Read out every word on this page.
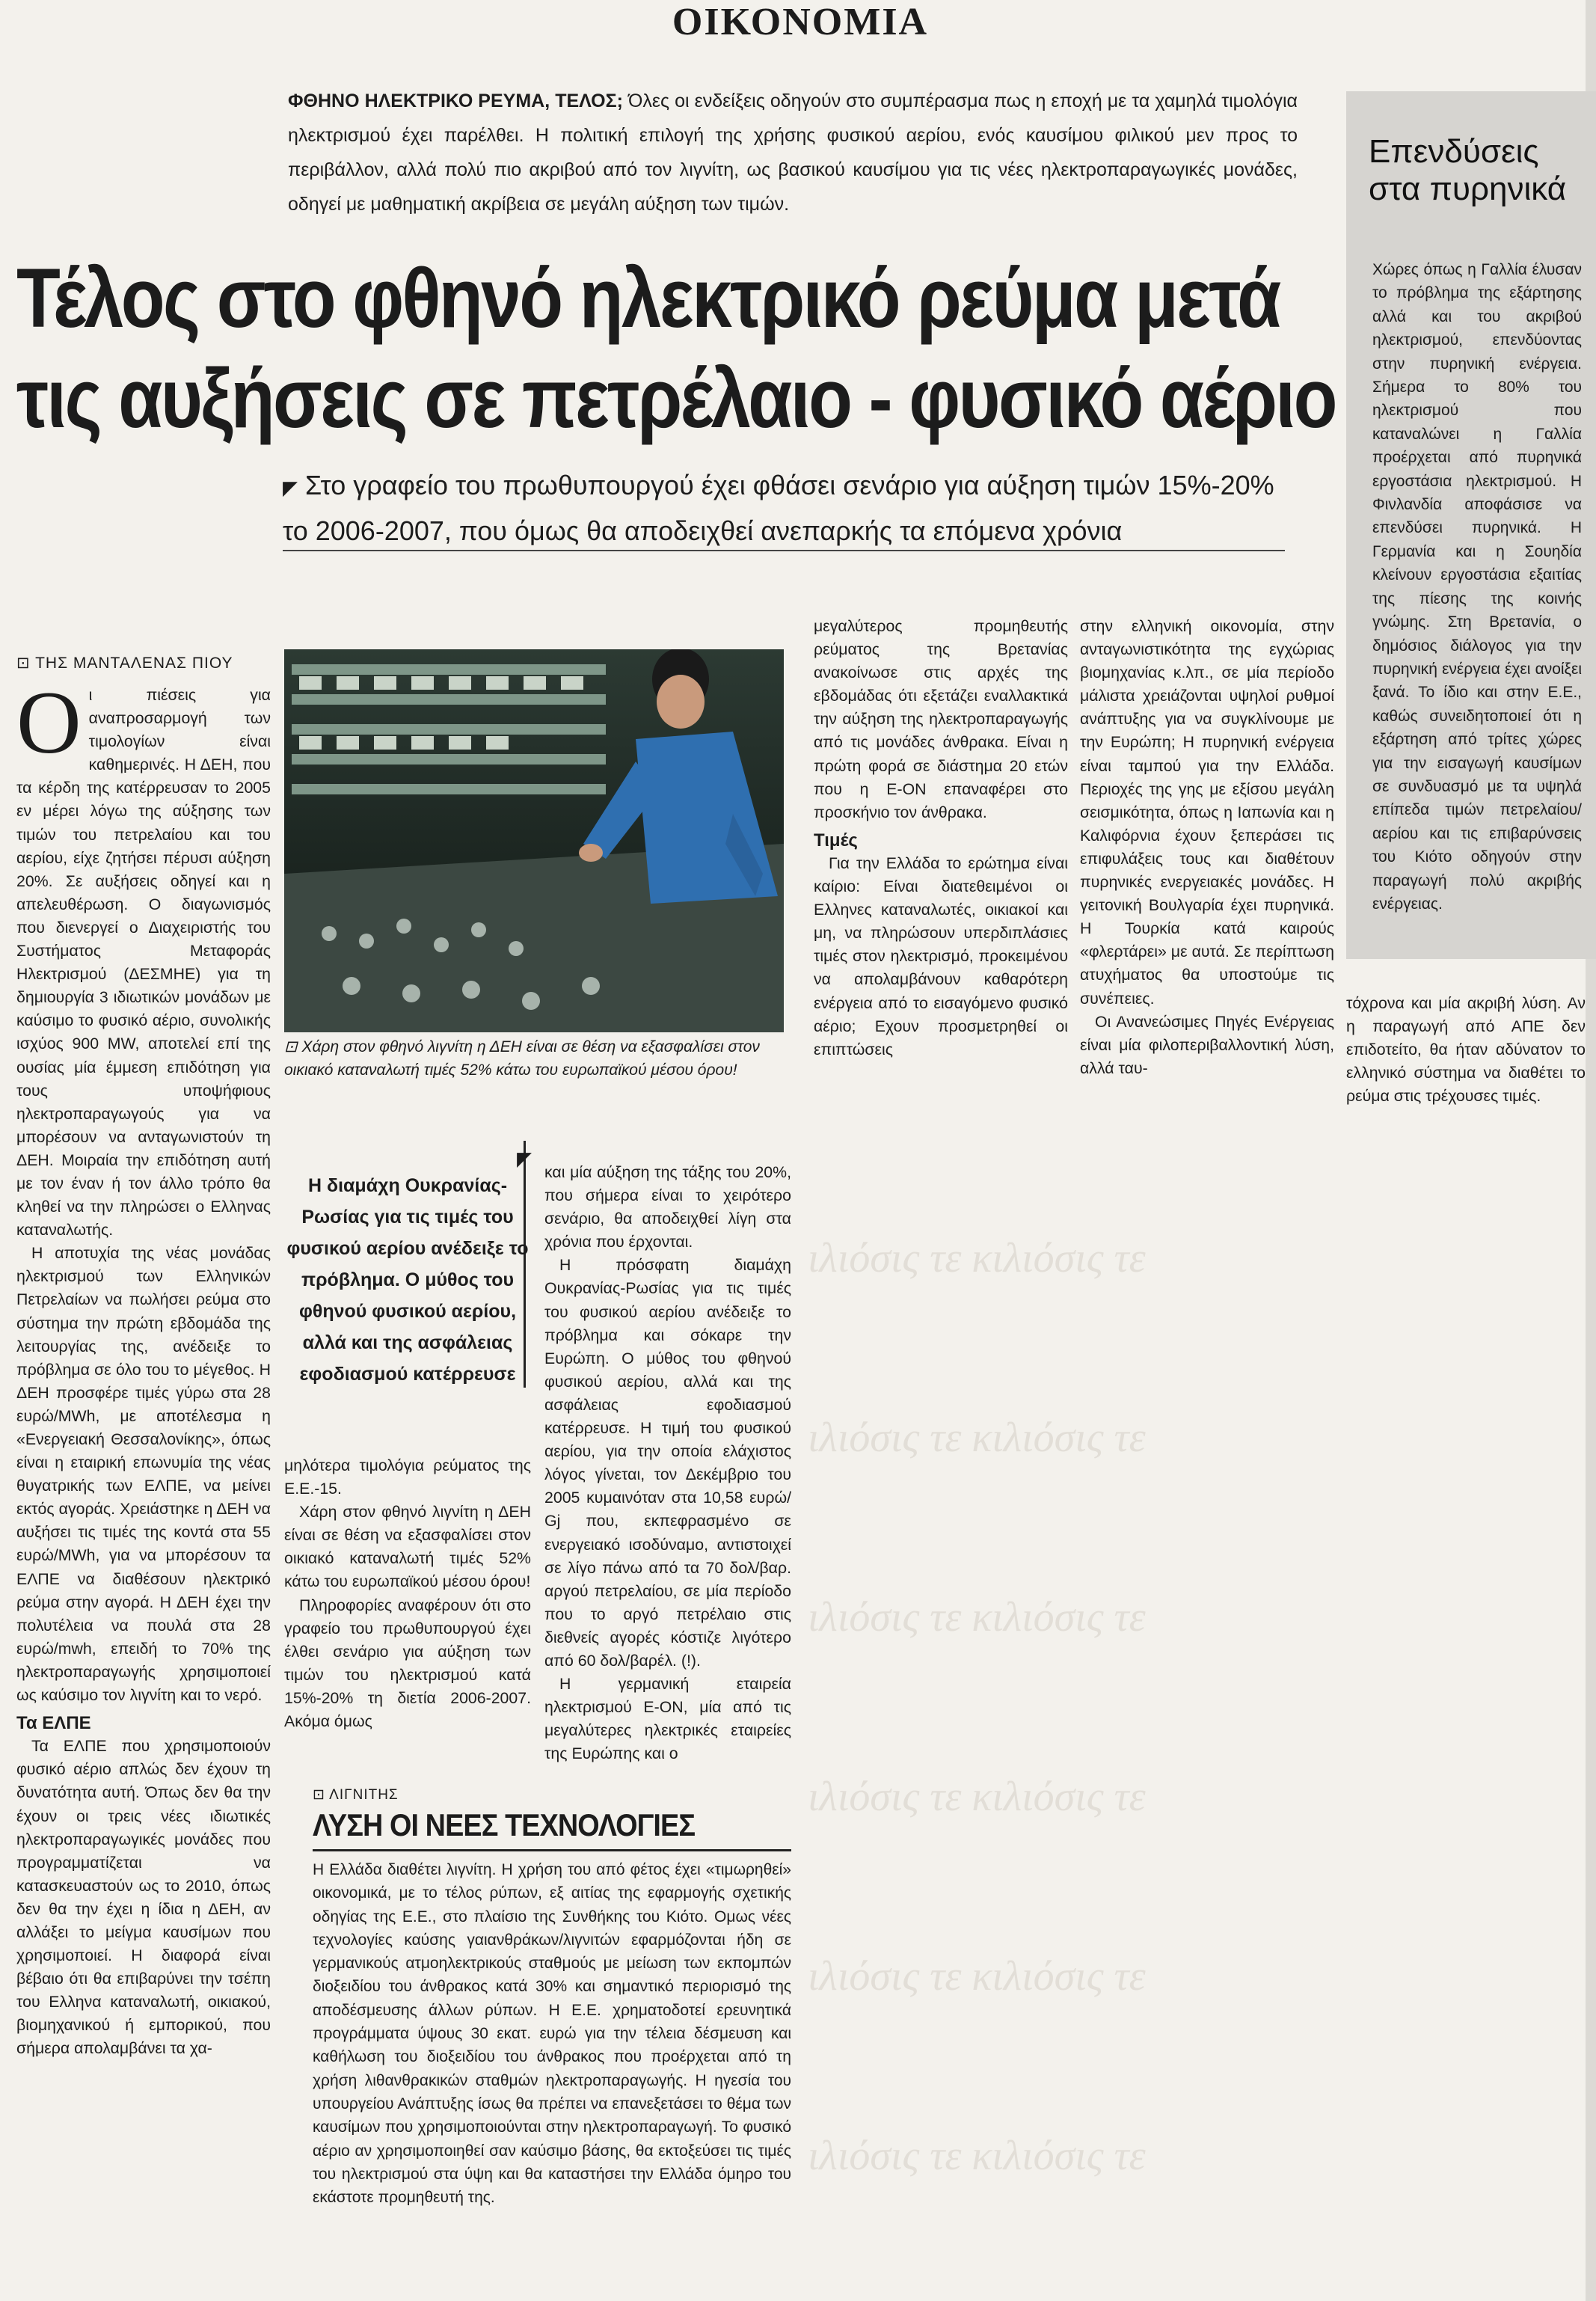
ιλιόσις τε κιλιόσις τε
ιλιόσις τε κιλιόσις τε
ιλιόσις τε κιλιόσις τε
ιλιόσις τε κιλιόσις τε
ιλιόσις τε κιλιόσις τε
ιλιόσις τε κιλιόσις τε
ΟΙΚΟΝΟΜΙΑ
ΦΘΗΝΟ ΗΛΕΚΤΡΙΚΟ ΡΕΥΜΑ, ΤΕΛΟΣ; Όλες οι ενδείξεις οδηγούν στο συμπέρασμα πως η εποχή με τα χαμηλά τιμολόγια ηλεκτρισμού έχει παρέλθει. Η πολιτική επιλογή της χρήσης φυσικού αερίου, ενός καυσίμου φιλικού μεν προς το περιβάλλον, αλλά πολύ πιο ακριβού από τον λιγνίτη, ως βασικού καυσίμου για τις νέες ηλεκτροπαραγωγικές μονάδες, οδηγεί με μαθηματική ακρίβεια σε μεγάλη αύξηση των τιμών.
Επενδύσεις στα πυρηνικά
Χώρες όπως η Γαλλία έλυσαν το πρόβλημα της εξάρτησης αλλά και του ακριβού ηλεκτρισμού, επενδύοντας στην πυρηνική ενέργεια. Σήμερα το 80% του ηλεκτρισμού που καταναλώνει η Γαλλία προέρχεται από πυρηνικά εργοστάσια ηλεκτρισμού. Η Φινλανδία αποφάσισε να επενδύσει πυρηνικά. Η Γερμανία και η Σουηδία κλείνουν εργοστάσια εξαιτίας της πίεσης της κοινής γνώμης. Στη Βρετανία, ο δημόσιος διάλογος για την πυρηνική ενέργεια έχει ανοίξει ξανά. Το ίδιο και στην Ε.Ε., καθώς συνειδητοποιεί ότι η εξάρτηση από τρίτες χώρες για την εισαγωγή καυσίμων σε συνδυασμό με τα υψηλά επίπεδα τιμών πετρελαίου/αερίου και τις επιβαρύνσεις του Κιότο οδηγούν στην παραγωγή πολύ ακριβής ενέργειας.
Τέλος στο φθηνό ηλεκτρικό ρεύμα μετά
τις αυξήσεις σε πετρέλαιο - φυσικό αέριο
◤ Στο γραφείο του πρωθυπουργού έχει φθάσει σενάριο για αύξηση τιμών 15%-20% το 2006-2007, που όμως θα αποδειχθεί ανεπαρκής τα επόμενα χρόνια
⊡ ΤΗΣ ΜΑΝΤΑΛΕΝΑΣ ΠΙΟΥ
Ο ι πιέσεις για αναπροσαρμογή των τιμολογίων είναι καθημερινές. Η ΔΕΗ, που τα κέρδη της κατέρρευσαν το 2005 εν μέρει λόγω της αύξησης των τιμών του πετρελαίου και του αερίου, είχε ζητήσει πέρυσι αύξηση 20%. Σε αυξήσεις οδηγεί και η απελευθέρωση. Ο διαγωνισμός που διενεργεί ο Διαχειριστής του Συστήματος Μεταφοράς Ηλεκτρισμού (ΔΕΣΜΗΕ) για τη δημιουργία 3 ιδιωτικών μονάδων με καύσιμο το φυσικό αέριο, συνολικής ισχύος 900 MW, αποτελεί επί της ουσίας μία έμμεση επιδότηση για τους υποψήφιους ηλεκτροπαραγωγούς για να μπορέσουν να ανταγωνιστούν τη ΔΕΗ. Μοιραία την επιδότηση αυτή με τον έναν ή τον άλλο τρόπο θα κληθεί να την πληρώσει ο Ελληνας καταναλωτής.
Η αποτυχία της νέας μονάδας ηλεκτρισμού των Ελληνικών Πετρελαίων να πωλήσει ρεύμα στο σύστημα την πρώτη εβδομάδα της λειτουργίας της, ανέδειξε το πρόβλημα σε όλο του το μέγεθος. Η ΔΕΗ προσφέρε τιμές γύρω στα 28 ευρώ/MWh, με αποτέλεσμα η «Ενεργειακή Θεσσαλονίκης», όπως είναι η εταιρική επωνυμία της νέας θυγατρικής των ΕΛΠΕ, να μείνει εκτός αγοράς. Χρειάστηκε η ΔΕΗ να αυξήσει τις τιμές της κοντά στα 55 ευρώ/MWh, για να μπορέσουν τα ΕΛΠΕ να διαθέσουν ηλεκτρικό ρεύμα στην αγορά. Η ΔΕΗ έχει την πολυτέλεια να πουλά στα 28 ευρώ/mwh, επειδή το 70% της ηλεκτροπαραγωγής χρησιμοποιεί ως καύσιμο τον λιγνίτη και το νερό.
Τα ΕΛΠΕ
Τα ΕΛΠΕ που χρησιμοποιούν φυσικό αέριο απλώς δεν έχουν τη δυνατότητα αυτή. Όπως δεν θα την έχουν οι τρεις νέες ιδιωτικές ηλεκτροπαραγωγικές μονάδες που προγραμματίζεται να κατασκευαστούν ως το 2010, όπως δεν θα την έχει η ίδια η ΔΕΗ, αν αλλάξει το μείγμα καυσίμων που χρησιμοποιεί. Η διαφορά είναι βέβαιο ότι θα επιβαρύνει την τσέπη του Ελληνα καταναλωτή, οικιακού, βιομηχανικού ή εμπορικού, που σήμερα απολαμβάνει τα χα-
⊡ Χάρη στον φθηνό λιγνίτη η ΔΕΗ είναι σε θέση να εξασφαλίσει στον οικιακό καταναλωτή τιμές 52% κάτω του ευρωπαϊκού μέσου όρου!
◤
Η διαμάχη Ουκρανίας-Ρωσίας για τις τιμές του φυσικού αερίου ανέδειξε το πρόβλημα. Ο μύθος του φθηνού φυσικού αερίου, αλλά και της ασφάλειας εφοδιασμού κατέρρευσε
μηλότερα τιμολόγια ρεύματος της Ε.Ε.-15.
Χάρη στον φθηνό λιγνίτη η ΔΕΗ είναι σε θέση να εξασφαλίσει στον οικιακό καταναλωτή τιμές 52% κάτω του ευρωπαϊκού μέσου όρου!
Πληροφορίες αναφέρουν ότι στο γραφείο του πρωθυπουργού έχει έλθει σενάριο για αύξηση των τιμών του ηλεκτρισμού κατά 15%-20% τη διετία 2006-2007. Ακόμα όμως
και μία αύξηση της τάξης του 20%, που σήμερα είναι το χειρότερο σενάριο, θα αποδειχθεί λίγη στα χρόνια που έρχονται.
Η πρόσφατη διαμάχη Ουκρανίας-Ρωσίας για τις τιμές του φυσικού αερίου ανέδειξε το πρόβλημα και σόκαρε την Ευρώπη. Ο μύθος του φθηνού φυσικού αερίου, αλλά και της ασφάλειας εφοδιασμού κατέρρευσε. Η τιμή του φυσικού αερίου, για την οποία ελάχιστος λόγος γίνεται, τον Δεκέμβριο του 2005 κυμαινόταν στα 10,58 ευρώ/ Gj που, εκπεφρασμένο σε ενεργειακό ισοδύναμο, αντιστοιχεί σε λίγο πάνω από τα 70 δολ/βαρ. αργού πετρελαίου, σε μία περίοδο που το αργό πετρέλαιο στις διεθνείς αγορές κόστιζε λιγότερο από 60 δολ/βαρέλ. (!).
Η γερμανική εταιρεία ηλεκτρισμού E-ON, μία από τις μεγαλύτερες ηλεκτρικές εταιρείες της Ευρώπης και ο
μεγαλύτερος προμηθευτής ρεύματος της Βρετανίας ανακοίνωσε στις αρχές της εβδομάδας ότι εξετάζει εναλλακτικά την αύξηση της ηλεκτροπαραγωγής από τις μονάδες άνθρακα. Είναι η πρώτη φορά σε διάστημα 20 ετών που η E-ON επαναφέρει στο προσκήνιο τον άνθρακα.
Τιμές
Για την Ελλάδα το ερώτημα είναι καίριο: Είναι διατεθειμένοι οι Ελληνες καταναλωτές, οικιακοί και μη, να πληρώσουν υπερδιπλάσιες τιμές στον ηλεκτρισμό, προκειμένου να απολαμβάνουν καθαρότερη ενέργεια από το εισαγόμενο φυσικό αέριο; Εχουν προσμετρηθεί οι επιπτώσεις
στην ελληνική οικονομία, στην ανταγωνιστικότητα της εγχώριας βιομηχανίας κ.λπ., σε μία περίοδο μάλιστα χρειάζονται υψηλοί ρυθμοί ανάπτυξης για να συγκλίνουμε με την Ευρώπη; Η πυρηνική ενέργεια είναι ταμπού για την Ελλάδα. Περιοχές της γης με εξίσου μεγάλη σεισμικότητα, όπως η Ιαπωνία και η Καλιφόρνια έχουν ξεπεράσει τις επιφυλάξεις τους και διαθέτουν πυρηνικές ενεργειακές μονάδες. Η γειτονική Βουλγαρία έχει πυρηνικά. Η Τουρκία κατά καιρούς «φλερτάρει» με αυτά. Σε περίπτωση ατυχήματος θα υποστούμε τις συνέπειες.
Οι Ανανεώσιμες Πηγές Ενέργειας είναι μία φιλοπεριβαλλοντική λύση, αλλά ταυ-
τόχρονα και μία ακριβή λύση. Αν η παραγωγή από ΑΠΕ δεν επιδοτείτο, θα ήταν αδύνατον το ελληνικό σύστημα να διαθέτει το ρεύμα στις τρέχουσες τιμές.
⊡ ΛΙΓΝΙΤΗΣ
ΛΥΣΗ ΟΙ ΝΕΕΣ ΤΕΧΝΟΛΟΓΙΕΣ
Η Ελλάδα διαθέτει λιγνίτη. Η χρήση του από φέτος έχει «τιμωρηθεί» οικονομικά, με το τέλος ρύπων, εξ αιτίας της εφαρμογής σχετικής οδηγίας της Ε.Ε., στο πλαίσιο της Συνθήκης του Κιότο. Ομως νέες τεχνολογίες καύσης γαιανθράκων/λιγνιτών εφαρμόζονται ήδη σε γερμανικούς ατμοηλεκτρικούς σταθμούς με μείωση των εκπομπών διοξειδίου του άνθρακος κατά 30% και σημαντικό περιορισμό της αποδέσμευσης άλλων ρύπων. Η Ε.Ε. χρηματοδοτεί ερευνητικά προγράμματα ύψους 30 εκατ. ευρώ για την τέλεια δέσμευση και καθήλωση του διοξειδίου του άνθρακος που προέρχεται από τη χρήση λιθανθρακικών σταθμών ηλεκτροπαραγωγής. Η ηγεσία του υπουργείου Ανάπτυξης ίσως θα πρέπει να επανεξετάσει το θέμα των καυσίμων που χρησιμοποιούνται στην ηλεκτροπαραγωγή. Το φυσικό αέριο αν χρησιμοποιηθεί σαν καύσιμο βάσης, θα εκτοξεύσει τις τιμές του ηλεκτρισμού στα ύψη και θα καταστήσει την Ελλάδα όμηρο του εκάστοτε προμηθευτή της.
